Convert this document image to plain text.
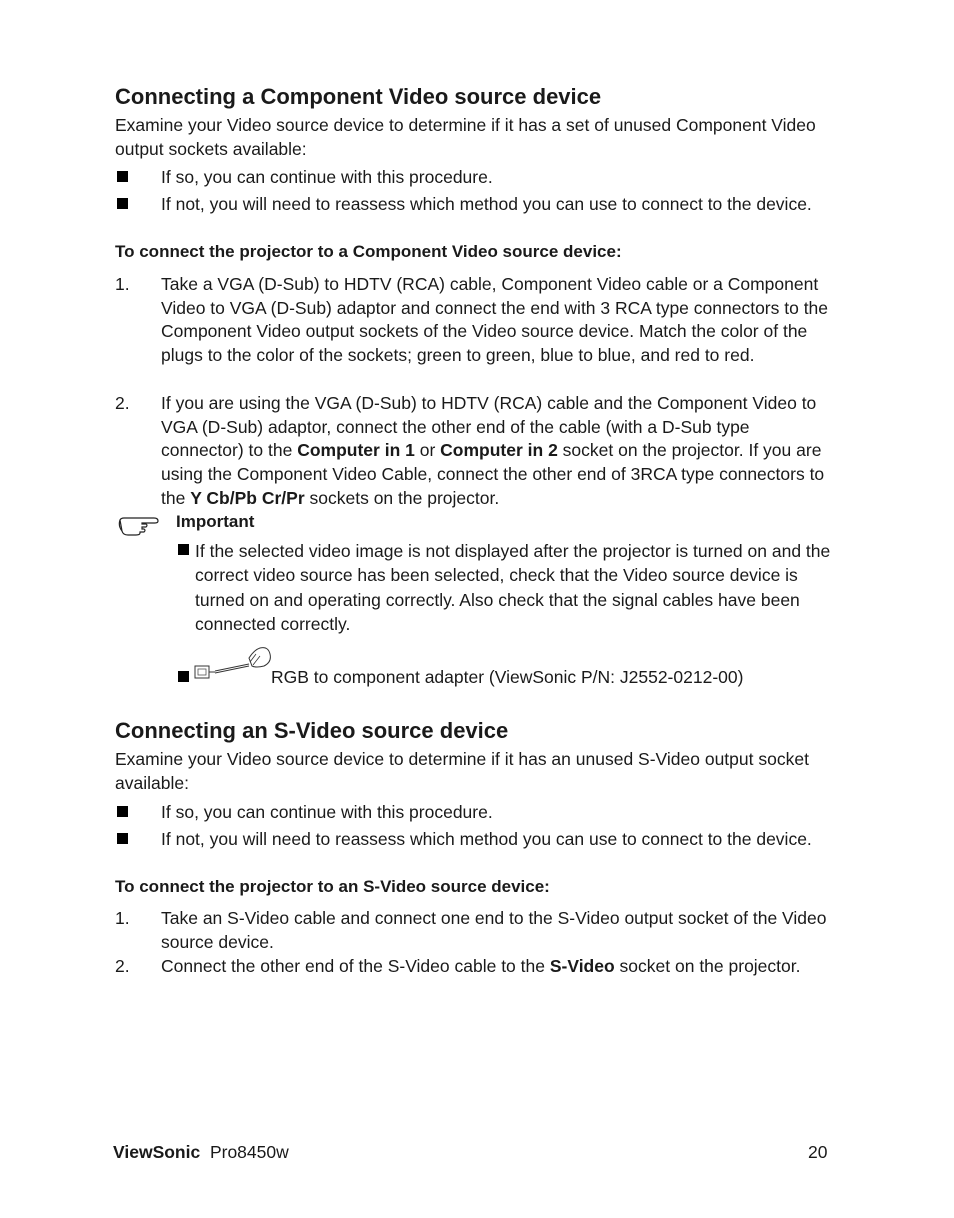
Connecting a Component Video source device
Examine your Video source device to determine if it has a set of unused Component Video output sockets available:
If so, you can continue with this procedure.
If not, you will need to reassess which method you can use to connect to the device.
To connect the projector to a Component Video source device:
1. Take a VGA (D-Sub) to HDTV (RCA) cable, Component Video cable or a Component Video to VGA (D-Sub) adaptor and connect the end with 3 RCA type connectors to the Component Video output sockets of the Video source device. Match the color of the plugs to the color of the sockets; green to green, blue to blue, and red to red.
2. If you are using the VGA (D-Sub) to HDTV (RCA) cable and the Component Video to VGA (D-Sub) adaptor, connect the other end of the cable (with a D-Sub type connector) to the Computer in 1 or Computer in 2 socket on the projector. If you are using the Component Video Cable, connect the other end of 3RCA type connectors to the Y Cb/Pb Cr/Pr sockets on the projector.
Connecting an S-Video source device
Examine your Video source device to determine if it has an unused S-Video output socket available:
If so, you can continue with this procedure.
If not, you will need to reassess which method you can use to connect to the device.
To connect the projector to an S-Video source device:
1. Take an S-Video cable and connect one end to the S-Video output socket of the Video source device.
2. Connect the other end of the S-Video cable to the S-Video socket on the projector.
Important
If the selected video image is not displayed after the projector is turned on and the correct video source has been selected, check that the Video source device is turned on and operating correctly. Also check that the signal cables have been connected correctly.
RGB to component adapter (ViewSonic P/N: J2552-0212-00)
ViewSonic Pro8450w	20
